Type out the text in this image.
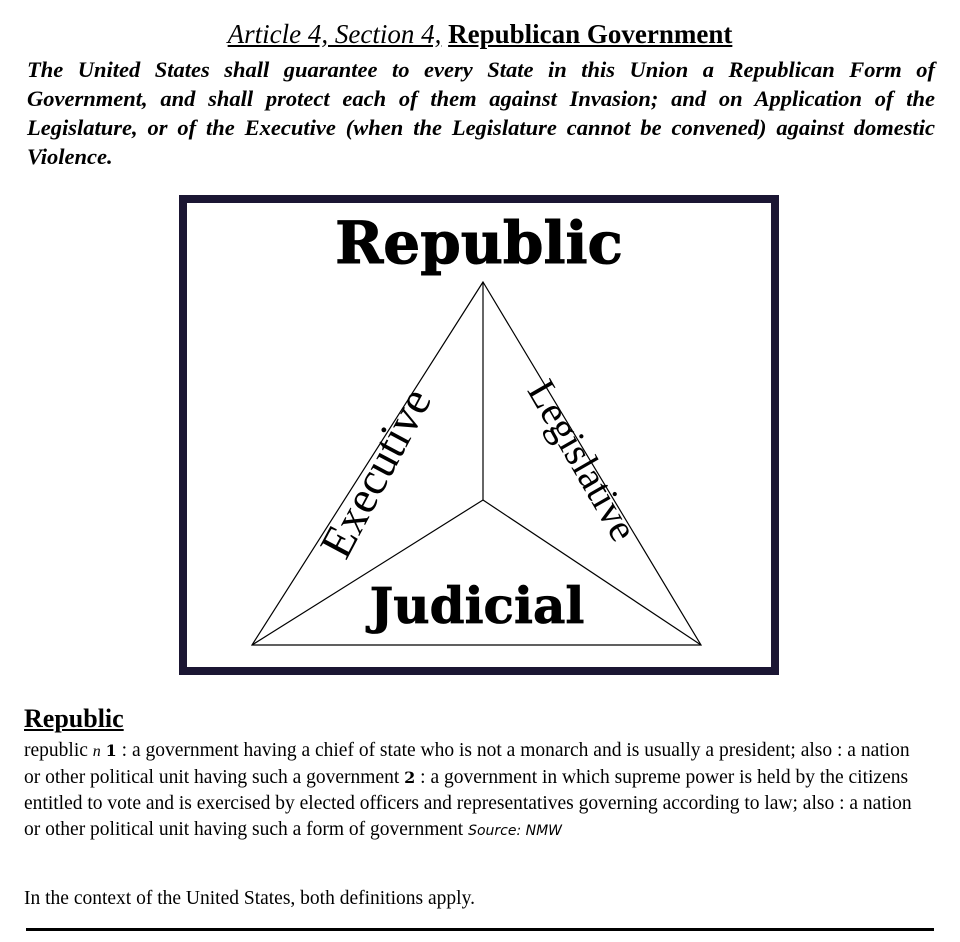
Article 4, Section 4, Republican Government
The United States shall guarantee to every State in this Union a Republican Form of Government, and shall protect each of them against Invasion; and on Application of the Legislature, or of the Executive (when the Legislature cannot be convened) against domestic Violence.
Republic
Executive Legislative
Judicial
Republic
republic n 1 : a government having a chief of state who is not a monarch and is usually a president; also : a nation or other political unit having such a government 2 : a government in which supreme power is held by the citizens entitled to vote and is exercised by elected officers and representatives governing according to law; also : a nation or other political unit having such a form of government Source: NMW
In the context of the United States, both definitions apply.
